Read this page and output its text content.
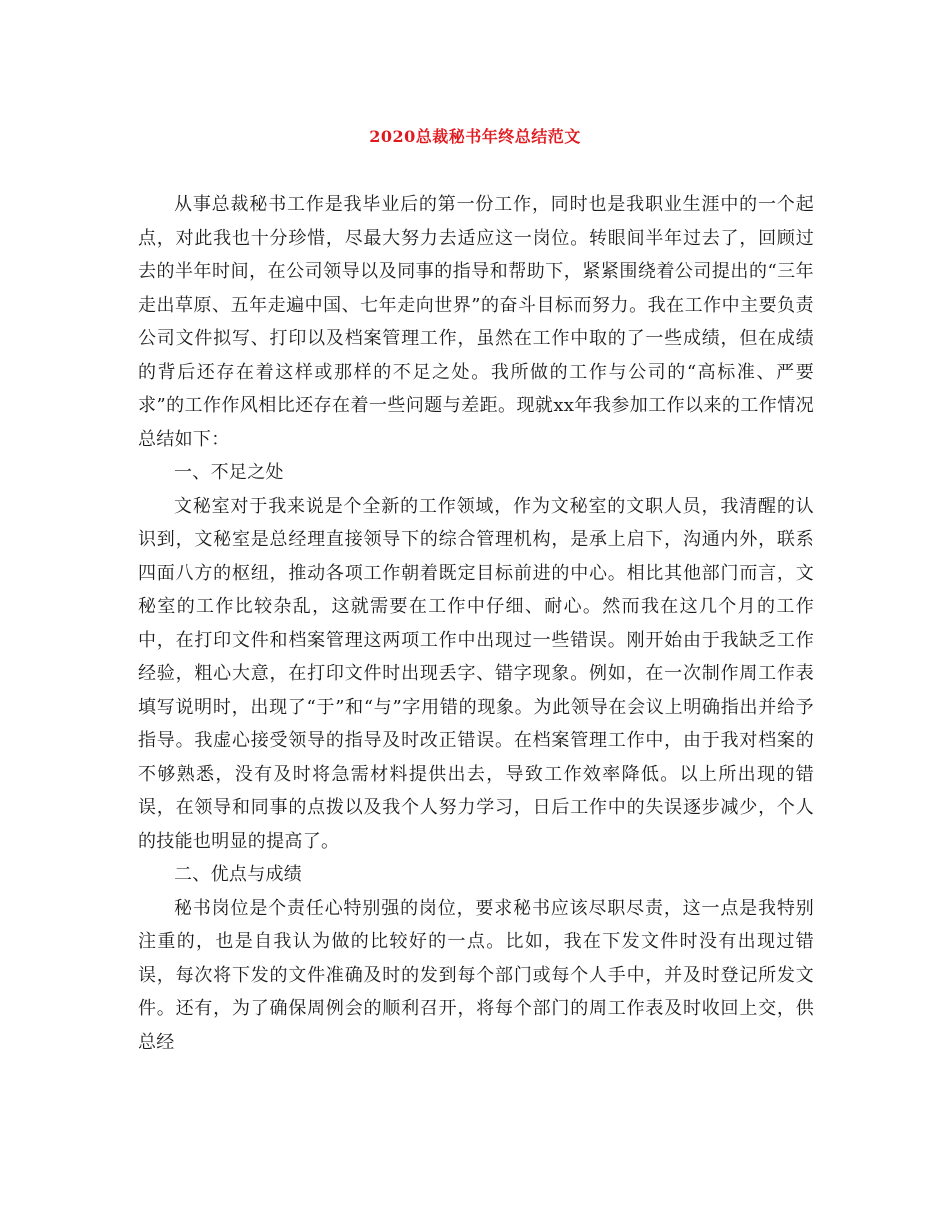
2020总裁秘书年终总结范文

从事总裁秘书工作是我毕业后的第一份工作，同时也是我职业生涯中的一个起点，对此我也十分珍惜，尽最大努力去适应这一岗位。转眼间半年过去了，回顾过去的半年时间，在公司领导以及同事的指导和帮助下，紧紧围绕着公司提出的“三年走出草原、五年走遍中国、七年走向世界”的奋斗目标而努力。我在工作中主要负责公司文件拟写、打印以及档案管理工作，虽然在工作中取的了一些成绩，但在成绩的背后还存在着这样或那样的不足之处。我所做的工作与公司的“高标准、严要求”的工作作风相比还存在着一些问题与差距。现就xx年我参加工作以来的工作情况总结如下：

一、不足之处

文秘室对于我来说是个全新的工作领域，作为文秘室的文职人员，我清醒的认识到，文秘室是总经理直接领导下的综合管理机构，是承上启下，沟通内外，联系四面八方的枢纽，推动各项工作朝着既定目标前进的中心。相比其他部门而言，文秘室的工作比较杂乱，这就需要在工作中仔细、耐心。然而我在这几个月的工作中，在打印文件和档案管理这两项工作中出现过一些错误。刚开始由于我缺乏工作经验，粗心大意，在打印文件时出现丢字、错字现象。例如，在一次制作周工作表填写说明时，出现了“于”和“与”字用错的现象。为此领导在会议上明确指出并给予指导。我虚心接受领导的指导及时改正错误。在档案管理工作中，由于我对档案的不够熟悉，没有及时将急需材料提供出去，导致工作效率降低。以上所出现的错误，在领导和同事的点拨以及我个人努力学习，日后工作中的失误逐步减少，个人的技能也明显的提高了。

二、优点与成绩

秘书岗位是个责任心特别强的岗位，要求秘书应该尽职尽责，这一点是我特别注重的，也是自我认为做的比较好的一点。比如，我在下发文件时没有出现过错误，每次将下发的文件准确及时的发到每个部门或每个人手中，并及时登记所发文件。还有，为了确保周例会的顺利召开，将每个部门的周工作表及时收回上交，供总经
